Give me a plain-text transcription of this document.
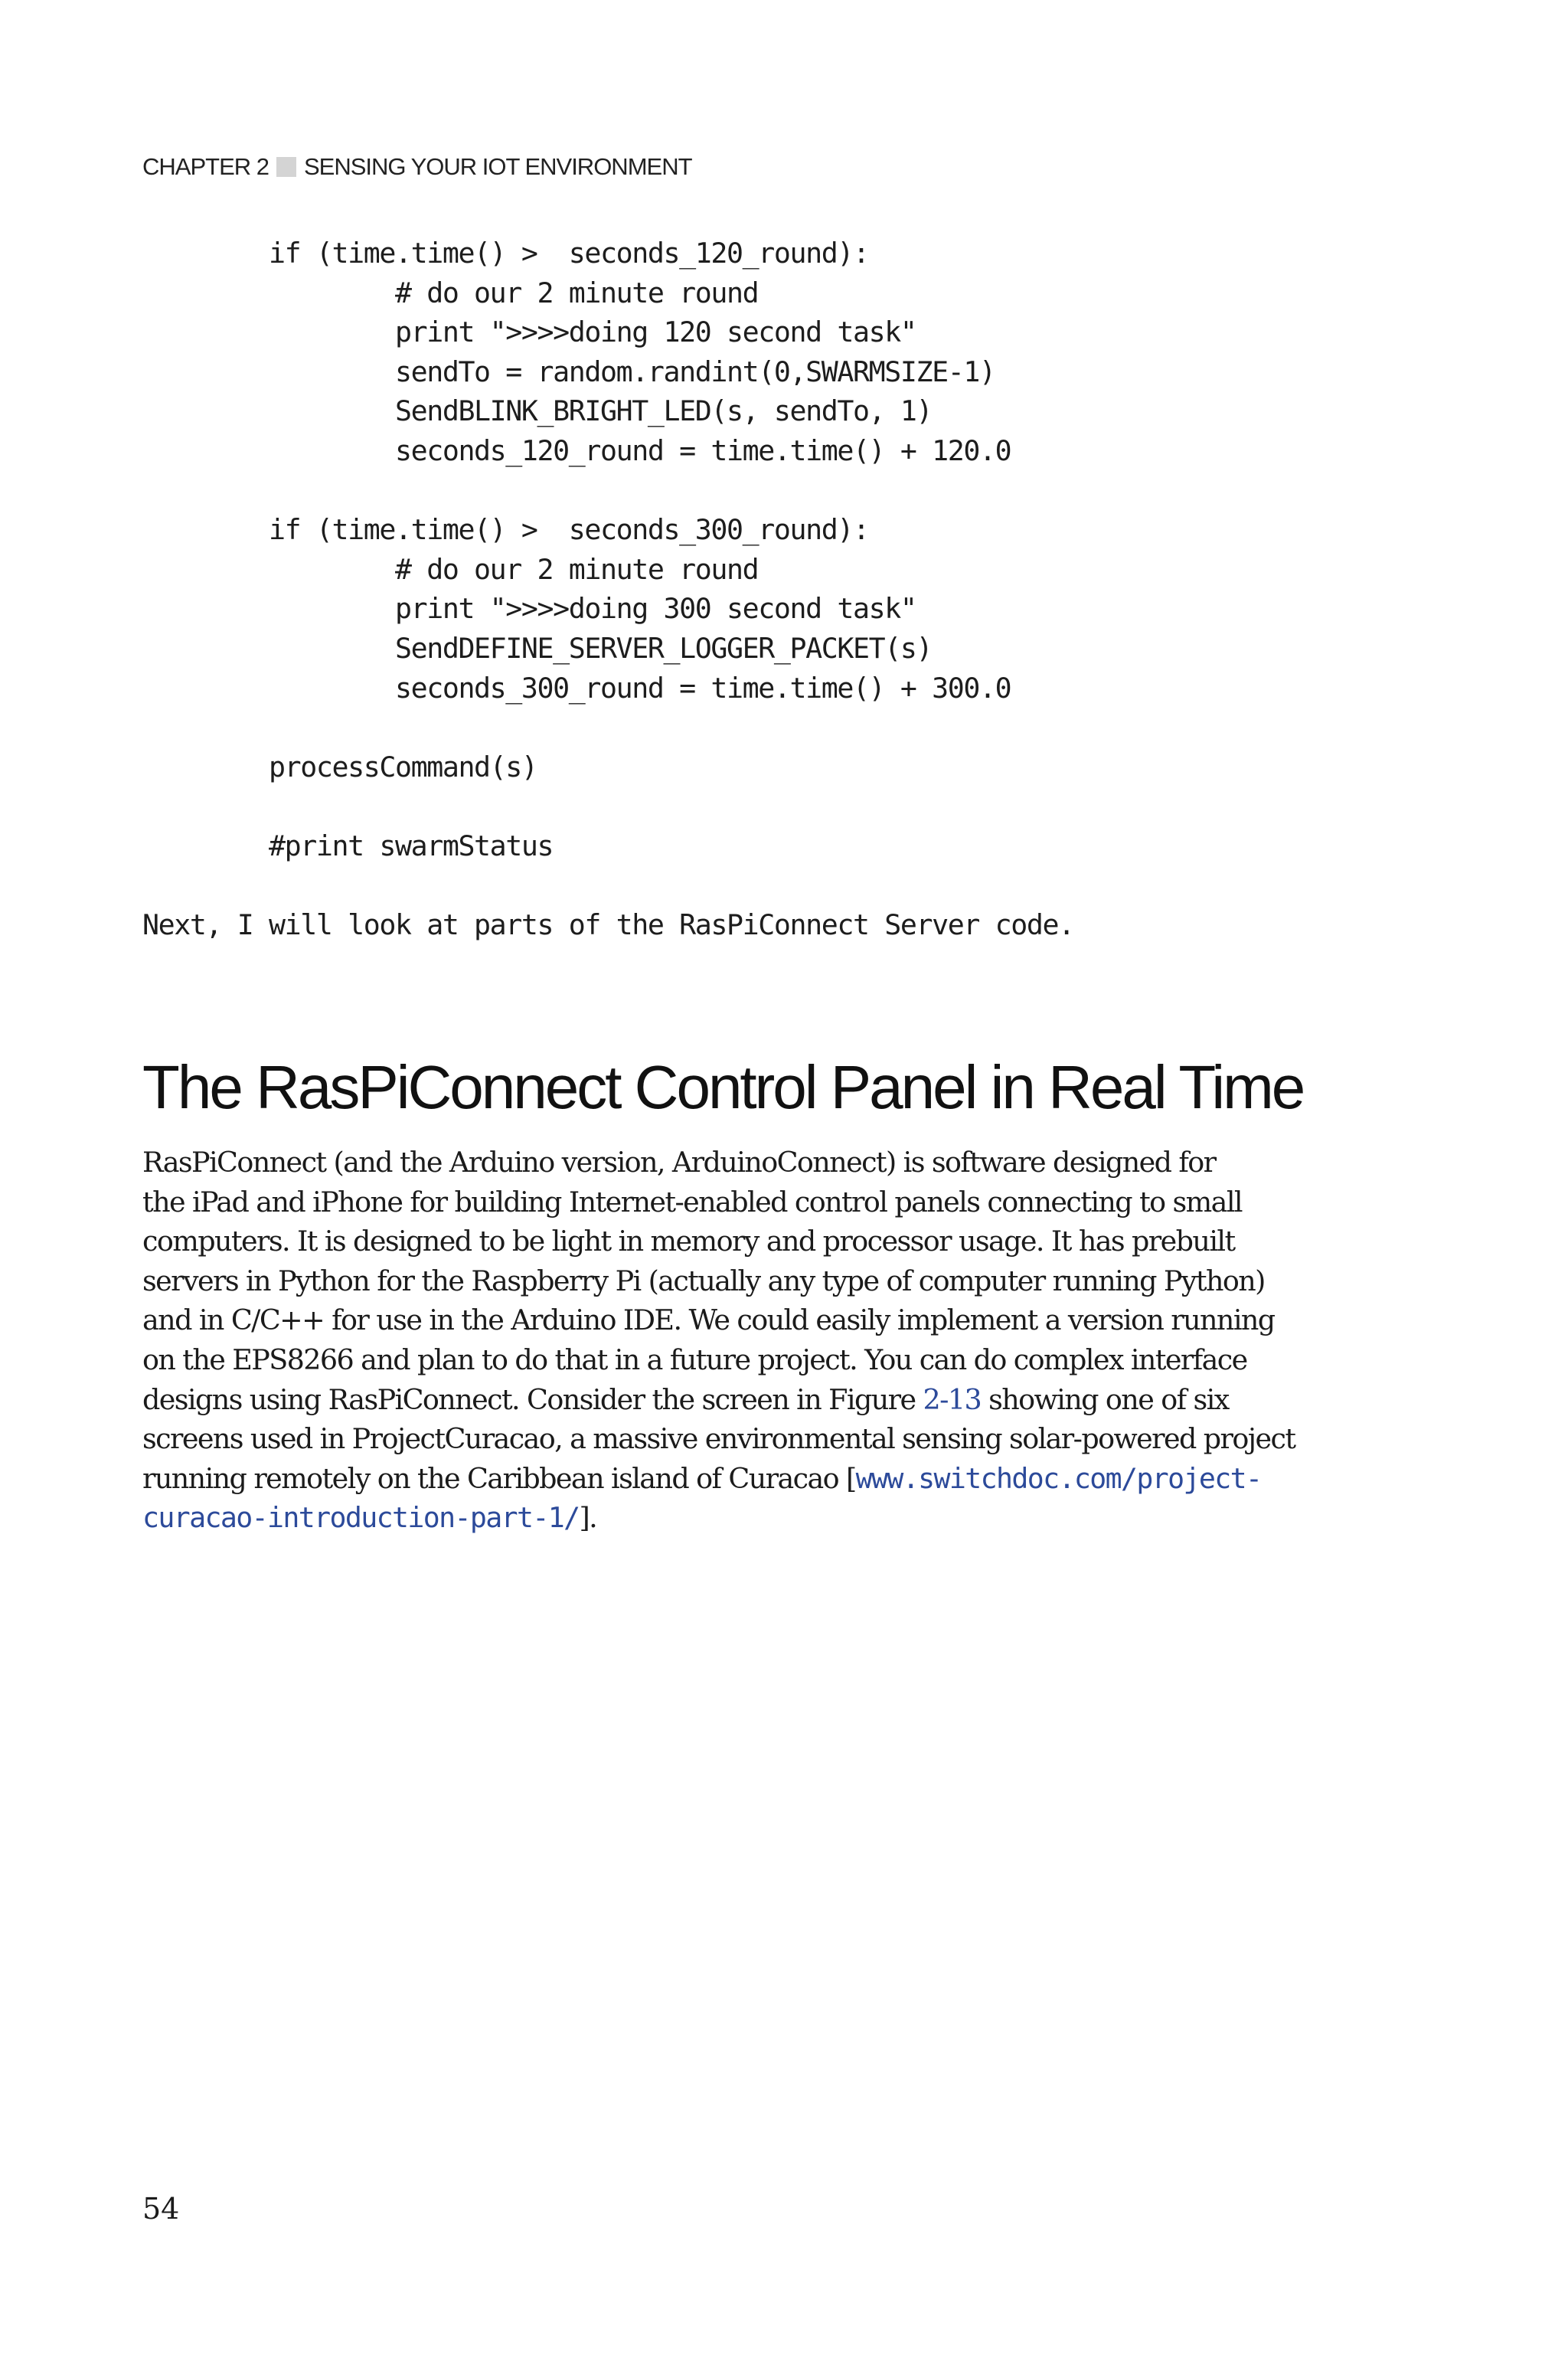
CHAPTER 2 SENSING YOUR IOT ENVIRONMENT
if (time.time() >  seconds_120_round):
# do our 2 minute round
print ">>>>doing 120 second task"
sendTo = random.randint(0,SWARMSIZE-1)
SendBLINK_BRIGHT_LED(s, sendTo, 1)
seconds_120_round = time.time() + 120.0
if (time.time() >  seconds_300_round):
# do our 2 minute round
print ">>>>doing 300 second task"
SendDEFINE_SERVER_LOGGER_PACKET(s)
seconds_300_round = time.time() + 300.0
processCommand(s)
#print swarmStatus
Next, I will look at parts of the RasPiConnect Server code.
The RasPiConnect Control Panel in Real Time
RasPiConnect (and the Arduino version, ArduinoConnect) is software designed for
the iPad and iPhone for building Internet-enabled control panels connecting to small
computers. It is designed to be light in memory and processor usage. It has prebuilt
servers in Python for the Raspberry Pi (actually any type of computer running Python)
and in C/C++ for use in the Arduino IDE. We could easily implement a version running
on the EPS8266 and plan to do that in a future project. You can do complex interface
designs using RasPiConnect. Consider the screen in Figure 2-13 showing one of six
screens used in ProjectCuracao, a massive environmental sensing solar-powered project
running remotely on the Caribbean island of Curacao [www.switchdoc.com/project-
curacao-introduction-part-1/].
54
